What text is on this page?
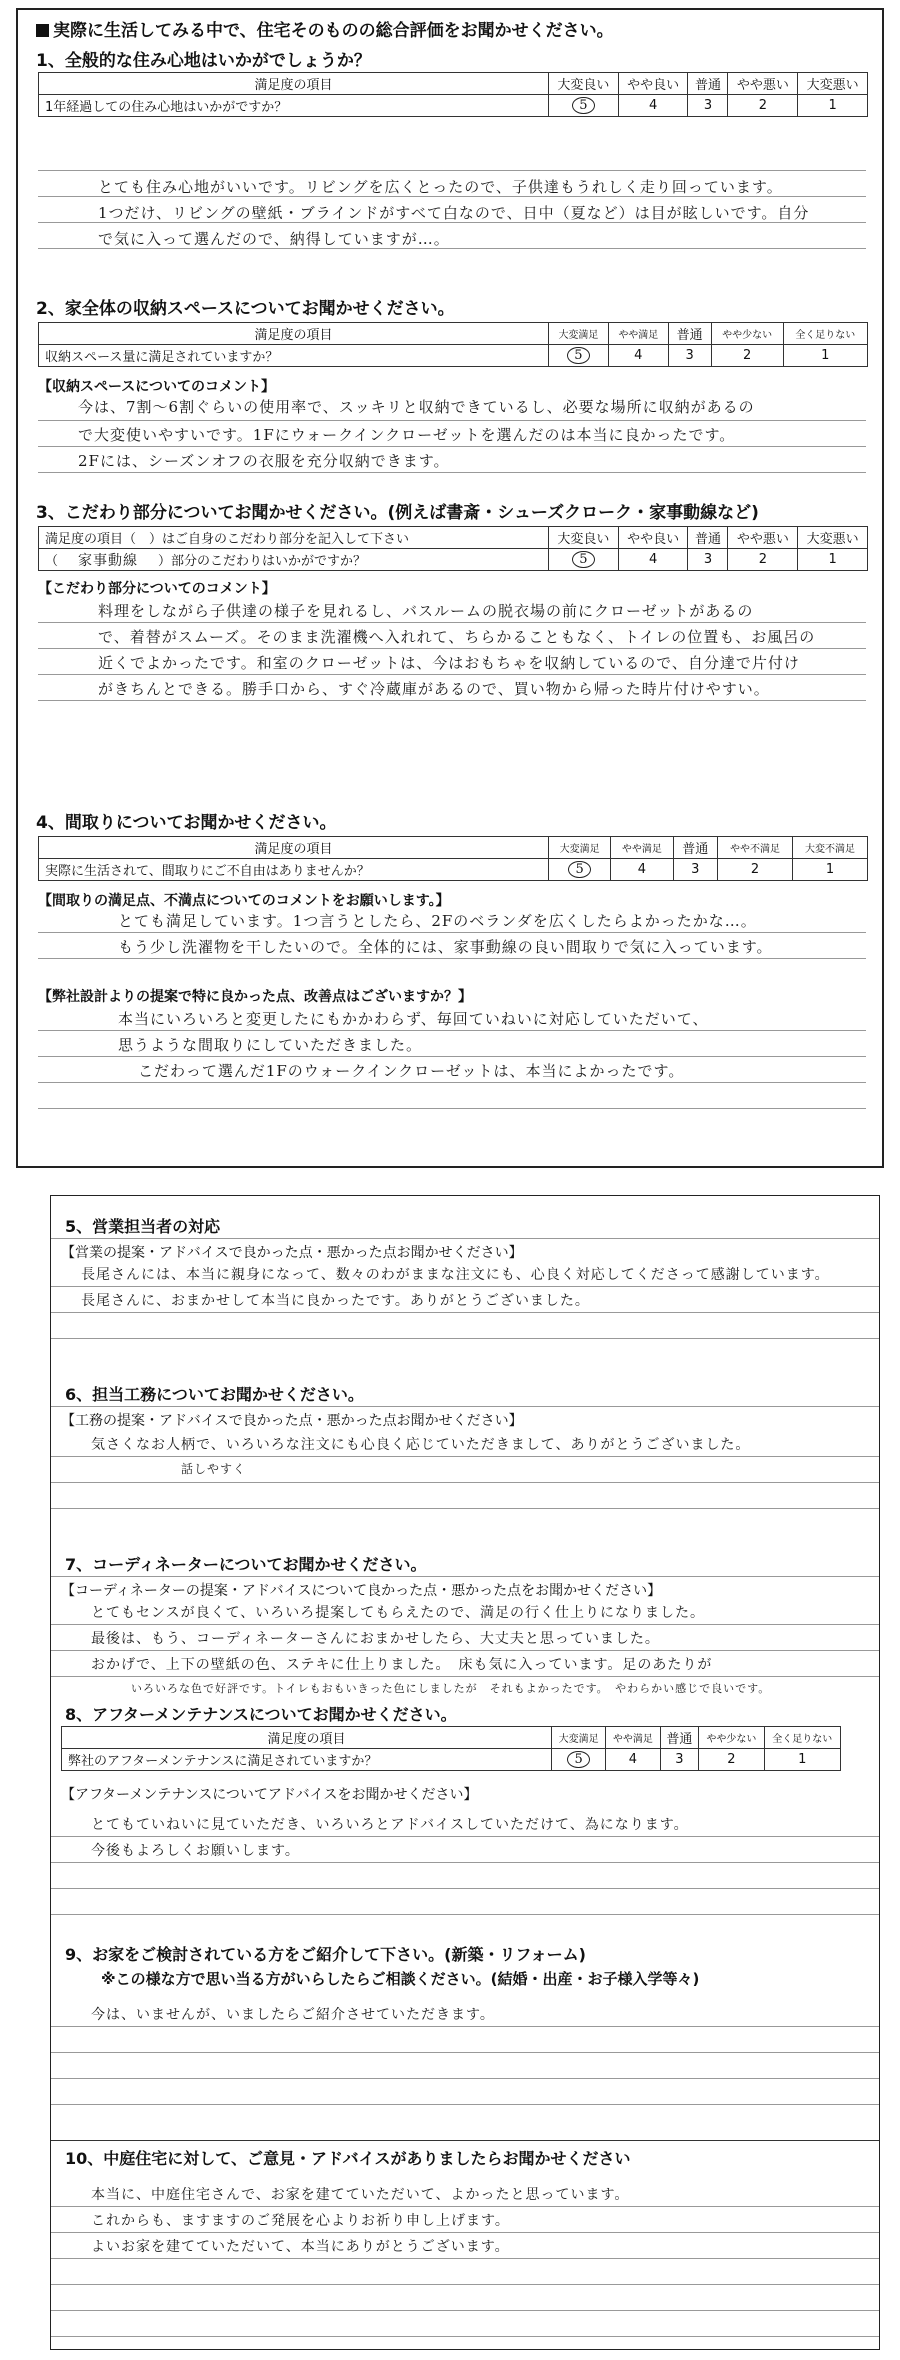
実際に生活してみる中で、住宅そのものの総合評価をお聞かせください。
1、全般的な住み心地はいかがでしょうか？
満足度の項目	大変良い	やや良い	普通	やや悪い	大変悪い
1年経過しての住み心地はいかがですか？	5	4	3	2	1
とても住み心地がいいです。リビングを広くとったので、子供達もうれしく走り回っています。
1つだけ、リビングの壁紙・ブラインドがすべて白なので、日中（夏など）は目が眩しいです。自分
で気に入って選んだので、納得していますが…。
2、家全体の収納スペースについてお聞かせください。
満足度の項目	大変満足	やや満足	普通	やや少ない	全く足りない
収納スペース量に満足されていますか？	5	4	3	2	1
【収納スペースについてのコメント】
今は、7割～6割ぐらいの使用率で、スッキリと収納できているし、必要な場所に収納があるの
で大変使いやすいです。1Fにウォークインクローゼットを選んだのは本当に良かったです。
2Fには、シーズンオフの衣服を充分収納できます。
3、こだわり部分についてお聞かせください。(例えば書斎・シューズクローク・家事動線など)
満足度の項目（　）はご自身のこだわり部分を記入して下さい	大変良い	やや良い	普通	やや悪い	大変悪い
（ 家事動線 ）部分のこだわりはいかがですか？	5	4	3	2	1
【こだわり部分についてのコメント】
料理をしながら子供達の様子を見れるし、バスルームの脱衣場の前にクローゼットがあるの
で、着替がスムーズ。そのまま洗濯機へ入れれて、ちらかることもなく、トイレの位置も、お風呂の
近くでよかったです。和室のクローゼットは、今はおもちゃを収納しているので、自分達で片付け
がきちんとできる。勝手口から、すぐ冷蔵庫があるので、買い物から帰った時片付けやすい。
4、間取りについてお聞かせください。
満足度の項目	大変満足	やや満足	普通	やや不満足	大変不満足
実際に生活されて、間取りにご不自由はありませんか？	5	4	3	2	1
【間取りの満足点、不満点についてのコメントをお願いします。】
とても満足しています。1つ言うとしたら、2Fのベランダを広くしたらよかったかな…。
もう少し洗濯物を干したいので。全体的には、家事動線の良い間取りで気に入っています。
【弊社設計よりの提案で特に良かった点、改善点はございますか？】
本当にいろいろと変更したにもかかわらず、毎回ていねいに対応していただいて、
思うような間取りにしていただきました。
こだわって選んだ1Fのウォークインクローゼットは、本当によかったです。
5、営業担当者の対応
【営業の提案・アドバイスで良かった点・悪かった点お聞かせください】
長尾さんには、本当に親身になって、数々のわがままな注文にも、心良く対応してくださって感謝しています。
長尾さんに、おまかせして本当に良かったです。ありがとうございました。
6、担当工務についてお聞かせください。
【工務の提案・アドバイスで良かった点・悪かった点お聞かせください】
気さくなお人柄で、いろいろな注文にも心良く応じていただきまして、ありがとうございました。
話しやすく
7、コーディネーターについてお聞かせください。
【コーディネーターの提案・アドバイスについて良かった点・悪かった点をお聞かせください】
とてもセンスが良くて、いろいろ提案してもらえたので、満足の行く仕上りになりました。
最後は、もう、コーディネーターさんにおまかせしたら、大丈夫と思っていました。
おかげで、上下の壁紙の色、ステキに仕上りました。　床も気に入っています。足のあたりが
いろいろな色で好評です。トイレもおもいきった色にしましたが　それもよかったです。　やわらかい感じで良いです。
8、アフターメンテナンスについてお聞かせください。
満足度の項目	大変満足	やや満足	普通	やや少ない	全く足りない
弊社のアフターメンテナンスに満足されていますか？	5	4	3	2	1
【アフターメンテナンスについてアドバイスをお聞かせください】
とてもていねいに見ていただき、いろいろとアドバイスしていただけて、為になります。
今後もよろしくお願いします。
9、お家をご検討されている方をご紹介して下さい。(新築・リフォーム)
※この様な方で思い当る方がいらしたらご相談ください。(結婚・出産・お子様入学等々)
今は、いませんが、いましたらご紹介させていただきます。
10、中庭住宅に対して、ご意見・アドバイスがありましたらお聞かせください
本当に、中庭住宅さんで、お家を建てていただいて、よかったと思っています。
これからも、ますますのご発展を心よりお祈り申し上げます。
よいお家を建てていただいて、本当にありがとうございます。
